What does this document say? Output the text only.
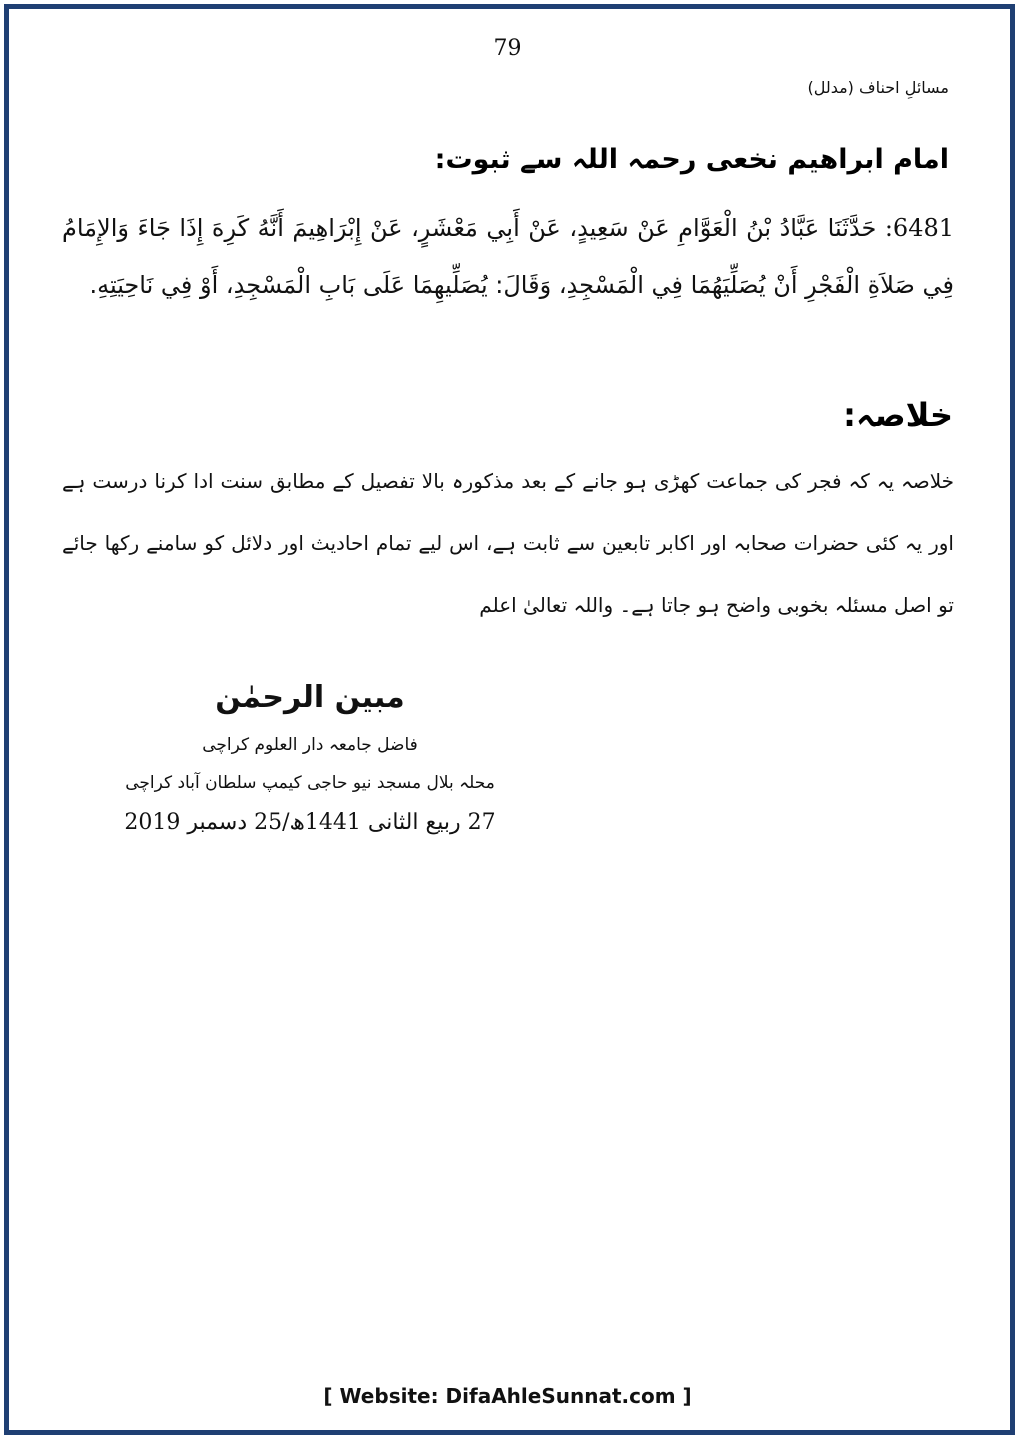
79
مسائلِ احناف (مدلل)
امام ابراھیم نخعی رحمہ اللہ سے ثبوت:
6481: حَدَّثَنَا عَبَّادُ بْنُ الْعَوَّامِ عَنْ سَعِيدٍ، عَنْ أَبِي مَعْشَرٍ، عَنْ إِبْرَاهِيمَ أَنَّهُ كَرِهَ إِذَا جَاءَ وَالإِمَامُ فِي صَلاَةِ الْفَجْرِ أَنْ يُصَلِّيَهُمَا فِي الْمَسْجِدِ، وَقَالَ: يُصَلِّيهِمَا عَلَى بَابِ الْمَسْجِدِ، أَوْ فِي نَاحِيَتِهِ.
خلاصہ:
خلاصہ یہ کہ فجر کی جماعت کھڑی ہو جانے کے بعد مذکورہ بالا تفصیل کے مطابق سنت ادا کرنا درست ہے اور یہ کئی حضرات صحابہ اور اکابر تابعین سے ثابت ہے، اس لیے تمام احادیث اور دلائل کو سامنے رکھا جائے تو اصل مسئلہ بخوبی واضح ہو جاتا ہے۔ واللہ تعالیٰ اعلم
مبین الرحمٰن
فاضل جامعہ دار العلوم کراچی
محلہ بلال مسجد نیو حاجی کیمپ سلطان آباد کراچی
27 ربیع الثانی 1441ھ/25 دسمبر 2019
[ Website: DifaAhleSunnat.com ]
